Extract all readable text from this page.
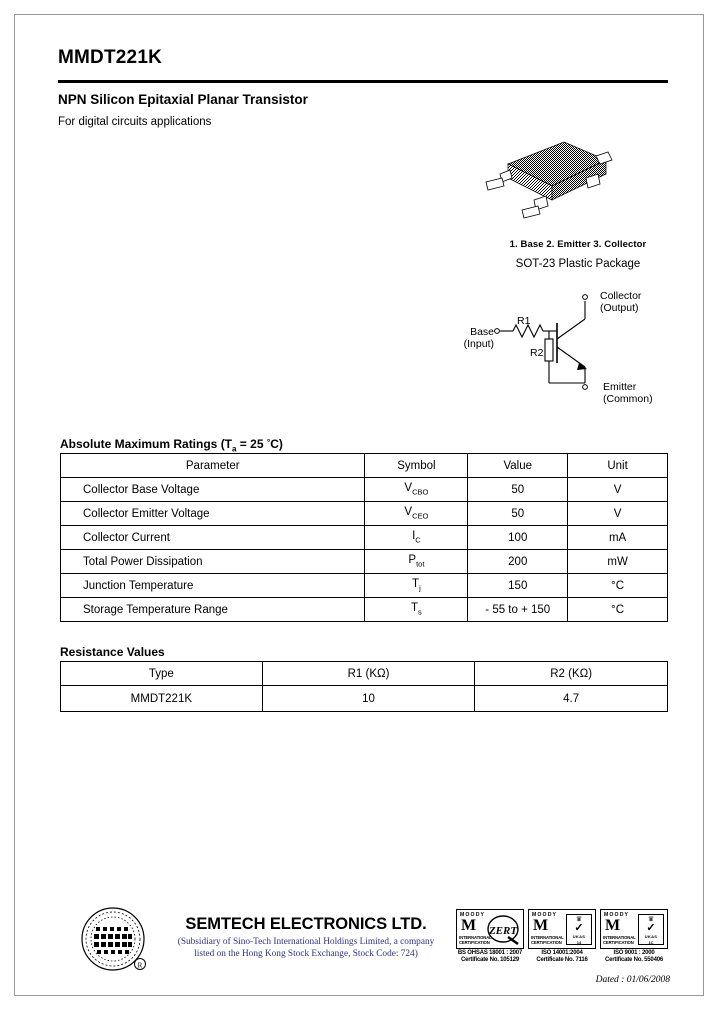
MMDT221K
NPN Silicon Epitaxial Planar Transistor
For digital circuits applications
1. Base 2. Emitter 3. Collector
SOT-23 Plastic Package
Base
(Input)
R1
R2
Collector
(Output)
Emitter
(Common)
Absolute Maximum Ratings ($T_a = 25$ °C)
Parameter	Symbol	Value	Unit
Collector Base Voltage	$V_{CBO}$	50	V
Collector Emitter Voltage	$V_{CEO}$	50	V
Collector Current	$I_C$	100	mA
Total Power Dissipation	$P_{tot}$	200	mW
Junction Temperature	$T_j$	150	°C
Storage Temperature Range	$T_s$	- 55 to + 150	°C
Resistance Values
Type	R1 (KΩ)	R2 (KΩ)
MMDT221K	10	4.7
R
SEMTECH ELECTRONICS LTD.
(Subsidiary of Sino-Tech International Holdings Limited, a company
listed on the Hong Kong Stock Exchange, Stock Code: 724)
MOODY
M
INTERNATIONAL
CERTIFICATION
ZERT
BS OHSAS 18001 : 2007
Certificate No. 105129
MOODY
M
INTERNATIONAL
CERTIFICATION
♛
✓
UKAS
14
ISO 14001:2004
Certificate No. 7116
MOODY
M
INTERNATIONAL
CERTIFICATION
♛
✓
UKAS
1C
ISO 9001 : 2000
Certificate No. 550406
Dated : 01/06/2008
